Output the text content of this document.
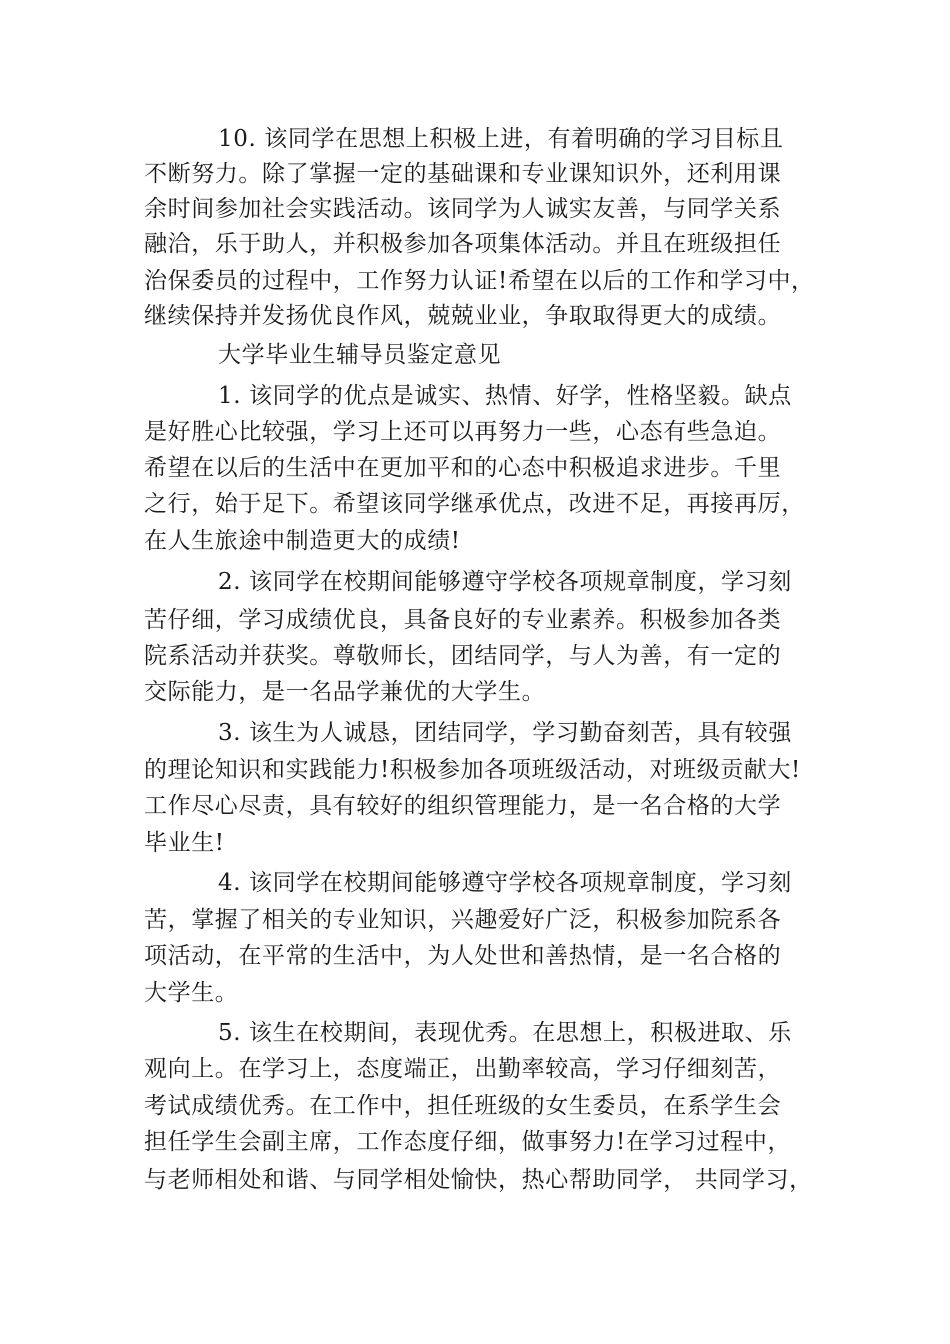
10. 该同学在思想上积极上进，有着明确的学习目标且
不断努力。除了掌握一定的基础课和专业课知识外，还利用课
余时间参加社会实践活动。该同学为人诚实友善，与同学关系
融洽，乐于助人，并积极参加各项集体活动。并且在班级担任
治保委员的过程中，工作努力认证!希望在以后的工作和学习中，
继续保持并发扬优良作风，兢兢业业，争取取得更大的成绩。
大学毕业生辅导员鉴定意见
1. 该同学的优点是诚实、热情、好学，性格坚毅。缺点
是好胜心比较强，学习上还可以再努力一些，心态有些急迫。
希望在以后的生活中在更加平和的心态中积极追求进步。千里
之行，始于足下。希望该同学继承优点，改进不足，再接再厉，
在人生旅途中制造更大的成绩!
2. 该同学在校期间能够遵守学校各项规章制度，学习刻
苦仔细，学习成绩优良，具备良好的专业素养。积极参加各类
院系活动并获奖。尊敬师长，团结同学，与人为善，有一定的
交际能力，是一名品学兼优的大学生。
3. 该生为人诚恳，团结同学，学习勤奋刻苦，具有较强
的理论知识和实践能力!积极参加各项班级活动，对班级贡献大!
工作尽心尽责，具有较好的组织管理能力，是一名合格的大学
毕业生!
4. 该同学在校期间能够遵守学校各项规章制度，学习刻
苦，掌握了相关的专业知识，兴趣爱好广泛，积极参加院系各
项活动，在平常的生活中，为人处世和善热情，是一名合格的
大学生。
5. 该生在校期间，表现优秀。在思想上，积极进取、乐
观向上。在学习上，态度端正，出勤率较高，学习仔细刻苦，
考试成绩优秀。在工作中，担任班级的女生委员，在系学生会
担任学生会副主席，工作态度仔细，做事努力!在学习过程中，
与老师相处和谐、与同学相处愉快，热心帮助同学， 共同学习，
